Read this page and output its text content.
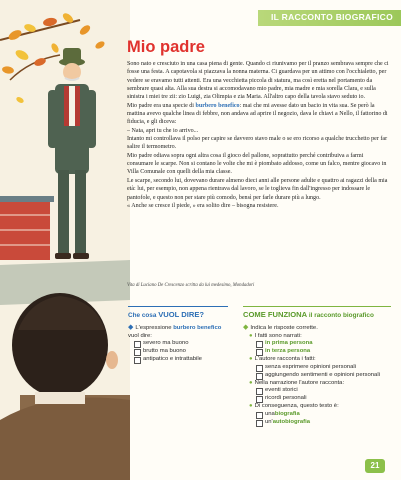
IL RACCONTO BIOGRAFICO
Mio padre

Sono nato e cresciuto in una casa piena di gente. Quando ci riunivamo per il pranzo sembrava sempre che ci fosse una festa. A capotavola si piazzava la nonna materna. Ci guardava per un attimo con l'occhialetto, per vedere se eravamo tutti attenti. Era una vecchietta piccola di statura, ma così eretta nel portamento da sembrare quasi alta. Alla sua destra si accomodavano mio padre, mia madre e mia sorella Clara, e sulla sinistra i miei tre zii: zio Luigi, zia Olimpia e zia Maria. All'altro capo della tavola stavo seduto io.

Mio padre era una specie di burbero benefico: mai che mi avesse dato un bacio in vita sua. Se però la mattina avevo qualche linea di febbre, non andava ad aprire il negozio, dava le chiavi a Nello, il fattorino di fiducia, e gli diceva:

– Nata, apri tu che io arrivo...

Intanto mi controllava il polso per capire se davvero stavo male o se ero ricorso a qualche trucchetto per far salire il termometro.

Mio padre odiava sopra ogni altra cosa il gioco del pallone, soprattutto perché contribuiva a farmi consumare le scarpe. Non si contano le volte che mi è piombato addosso, come un falco, mentre giocavo in Villa Comunale con quelli della mia classe.

Le scarpe, secondo lui, dovevano durare almeno dieci anni alle persone adulte e quattro ai ragazzi della mia età: lui, per esempio, non appena rientrava dal lavoro, se le toglieva fin dall'ingresso per indossare le pantofole, e questo non per stare più comodo, bensì per farle durare più a lungo.

« Anche se cresce il piede, » era solito dire – bisogna resistere.

Vita di Luciano De Crescenzo scritta da lui medesimo, Mondadori
Che cosa VUOL DIRE?
◆ L'espressione burbero benefico vuol dire:
severo ma buono
brutto ma buono
antipatico e intrattabile
COME FUNZIONA il racconto biografico
◆ Indica le risposte corrette.
● I fatti sono narrati:
in prima persona
in terza persona
● L'autore racconta i fatti:
senza esprimere opinioni personali
aggiungendo sentimenti e opinioni personali
● Nella narrazione l'autore racconta:
eventi storici
ricordi personali
● Di conseguenza, questo testo è:
una biografia
un' autobiografia
21
